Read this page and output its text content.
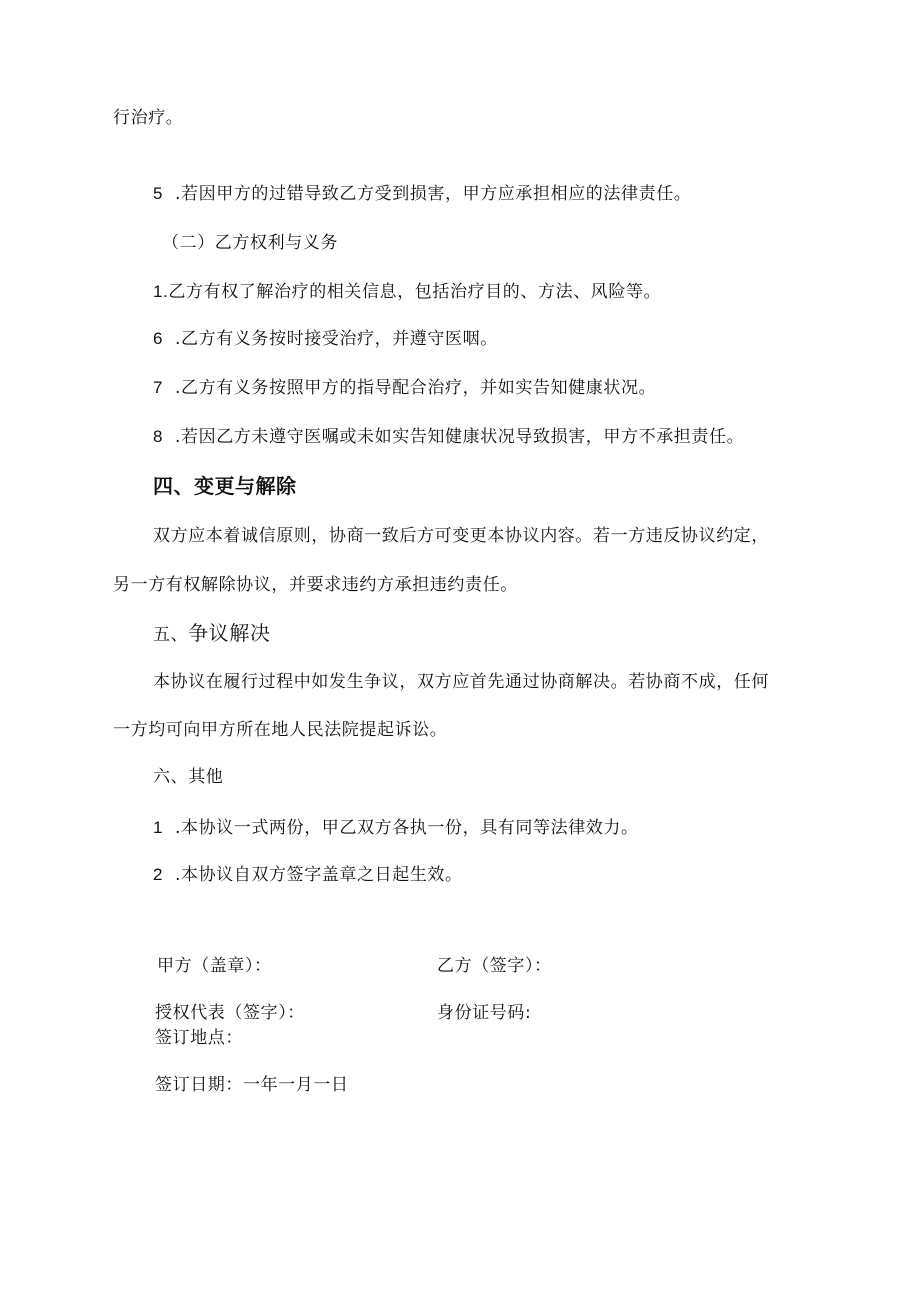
行治疗。
5 .若因甲方的过错导致乙方受到损害，甲方应承担相应的法律责任。
（二）乙方权利与义务
1.乙方有权了解治疗的相关信息，包括治疗目的、方法、风险等。
6 .乙方有义务按时接受治疗，并遵守医咽。
7 .乙方有义务按照甲方的指导配合治疗，并如实告知健康状况。
8 .若因乙方未遵守医嘱或未如实告知健康状况导致损害，甲方不承担责任。
四、变更与解除
双方应本着诚信原则，协商一致后方可变更本协议内容。若一方违反协议约定，
另一方有权解除协议，并要求违约方承担违约责任。
五、争议解决
本协议在履行过程中如发生争议，双方应首先通过协商解决。若协商不成，任何
一方均可向甲方所在地人民法院提起诉讼。
六、其他
1 .本协议一式两份，甲乙双方各执一份，具有同等法律效力。
2 .本协议自双方签字盖章之日起生效。
甲方（盖章）：	乙方（签字）：
授权代表（签字）：	身份证号码:
签订地点：
签订日期：一年一月一日
